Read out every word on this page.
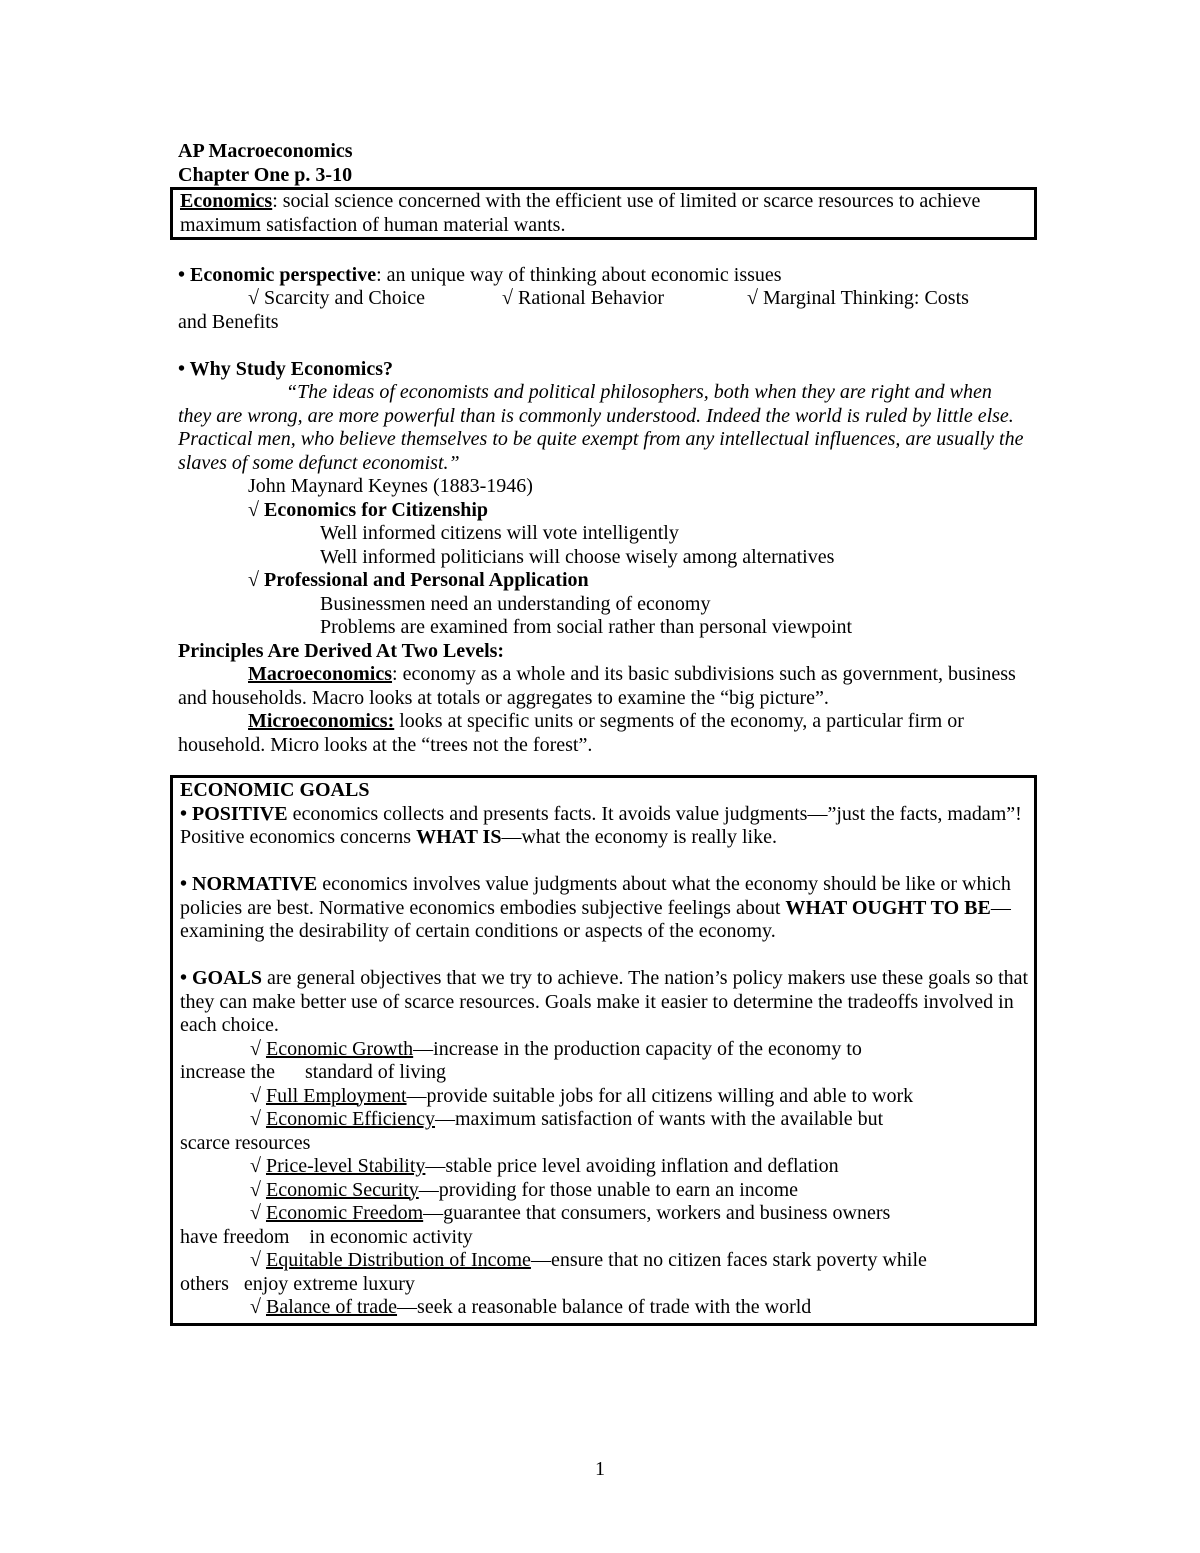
AP Macroeconomics
Chapter One p. 3-10
Economics: social science concerned with the efficient use of limited or scarce resources to achieve maximum satisfaction of human material wants.
• Economic perspective: an unique way of thinking about economic issues
√ Scarcity and Choice	√ Rational Behavior	√ Marginal Thinking: Costs
and Benefits
• Why Study Economics?
“The ideas of economists and political philosophers, both when they are right and when they are wrong, are more powerful than is commonly understood. Indeed the world is ruled by little else. Practical men, who believe themselves to be quite exempt from any intellectual influences, are usually the slaves of some defunct economist.”
John Maynard Keynes (1883-1946)
√ Economics for Citizenship
Well informed citizens will vote intelligently
Well informed politicians will choose wisely among alternatives
√ Professional and Personal Application
Businessmen need an understanding of economy
Problems are examined from social rather than personal viewpoint
Principles Are Derived At Two Levels:
Macroeconomics: economy as a whole and its basic subdivisions such as government, business and households. Macro looks at totals or aggregates to examine the “big picture”.
Microeconomics: looks at specific units or segments of the economy, a particular firm or household. Micro looks at the “trees not the forest”.
ECONOMIC GOALS
• POSITIVE economics collects and presents facts. It avoids value judgments—”just the facts, madam”! Positive economics concerns WHAT IS—what the economy is really like.
• NORMATIVE economics involves value judgments about what the economy should be like or which policies are best. Normative economics embodies subjective feelings about WHAT OUGHT TO BE—examining the desirability of certain conditions or aspects of the economy.
• GOALS are general objectives that we try to achieve. The nation’s policy makers use these goals so that they can make better use of scarce resources. Goals make it easier to determine the tradeoffs involved in each choice.
√ Economic Growth—increase in the production capacity of the economy to
increase the      standard of living
√ Full Employment—provide suitable jobs for all citizens willing and able to work
√ Economic Efficiency—maximum satisfaction of wants with the available but
scarce resources
√ Price-level Stability—stable price level avoiding inflation and deflation
√ Economic Security—providing for those unable to earn an income
√ Economic Freedom—guarantee that consumers, workers and business owners
have freedom    in economic activity
√ Equitable Distribution of Income—ensure that no citizen faces stark poverty while
others   enjoy extreme luxury
√ Balance of trade—seek a reasonable balance of trade with the world
1
